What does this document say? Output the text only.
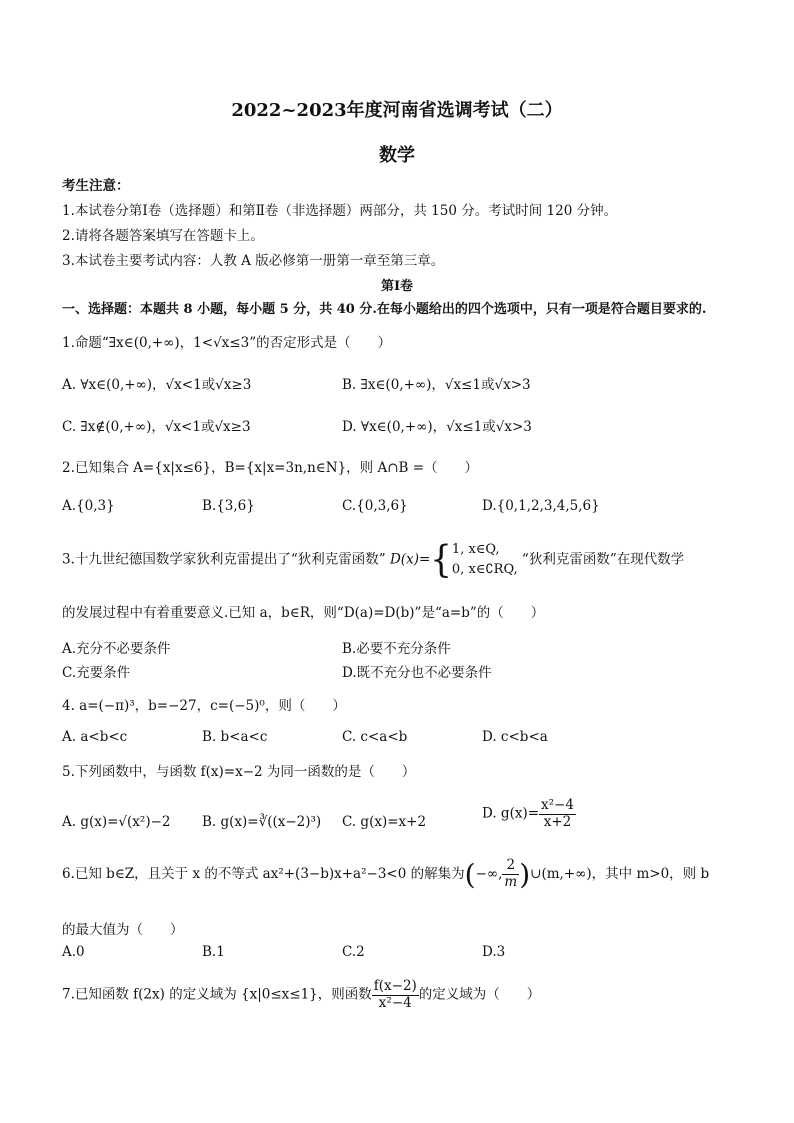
2022~2023年度河南省选调考试（二）
数学
考生注意：
1.本试卷分第Ⅰ卷（选择题）和第Ⅱ卷（非选择题）两部分，共 150 分。考试时间 120 分钟。
2.请将各题答案填写在答题卡上。
3.本试卷主要考试内容：人教 A 版必修第一册第一章至第三章。
第Ⅰ卷
一、选择题：本题共 8 小题，每小题 5 分，共 40 分.在每小题给出的四个选项中，只有一项是符合题目要求的.
1.命题“∃x∈(0,+∞)，1<√x≤3”的否定形式是（　　）
A. ∀x∈(0,+∞)，√x<1或√x≥3	B. ∃x∈(0,+∞)，√x≤1或√x>3
C. ∃x∉(0,+∞)，√x<1或√x≥3	D. ∀x∈(0,+∞)，√x≤1或√x>3
2.已知集合 A={x|x≤6}，B={x|x=3n,n∈N}，则 A∩B =（　　）
A.{0,3}	B.{3,6}	C.{0,3,6}	D.{0,1,2,3,4,5,6}
3.十九世纪德国数学家狄利克雷提出了“狄利克雷函数” D(x)={ 1, x∈Q,
0, x∈∁RQ,
“狄利克雷函数”在现代数学
的发展过程中有着重要意义.已知 a，b∈R，则“D(a)=D(b)”是“a=b”的（　　）
A.充分不必要条件	B.必要不充分条件
C.充要条件	D.既不充分也不必要条件
4. a=(−π)³，b=−27，c=(−5)⁰，则（　　）
A. a<b<c	B. b<a<c	C. c<a<b	D. c<b<a
5.下列函数中，与函数 f(x)=x−2 为同一函数的是（　　）
A. g(x)=√(x²)−2 B. g(x)=∛((x−2)³) C. g(x)=x+2
D. $g(x)= \frac{\text{x²−4}}{x+2}$
6.已知 b∈Z，且关于 x 的不等式 ax²+(3−b)x+a²−3<0 的解集为(−∞, $\frac{2}{m}$ )∪(m,+∞)，其中 m>0，则 b
的最大值为（　　）
A.0	B.1	C.2	D.3
7.已知函数 f(2x) 的定义域为 {x|0≤x≤1}，则函数 $\frac{f(x-2)}{\text{x²−4}}$ 的定义域为（　　）
